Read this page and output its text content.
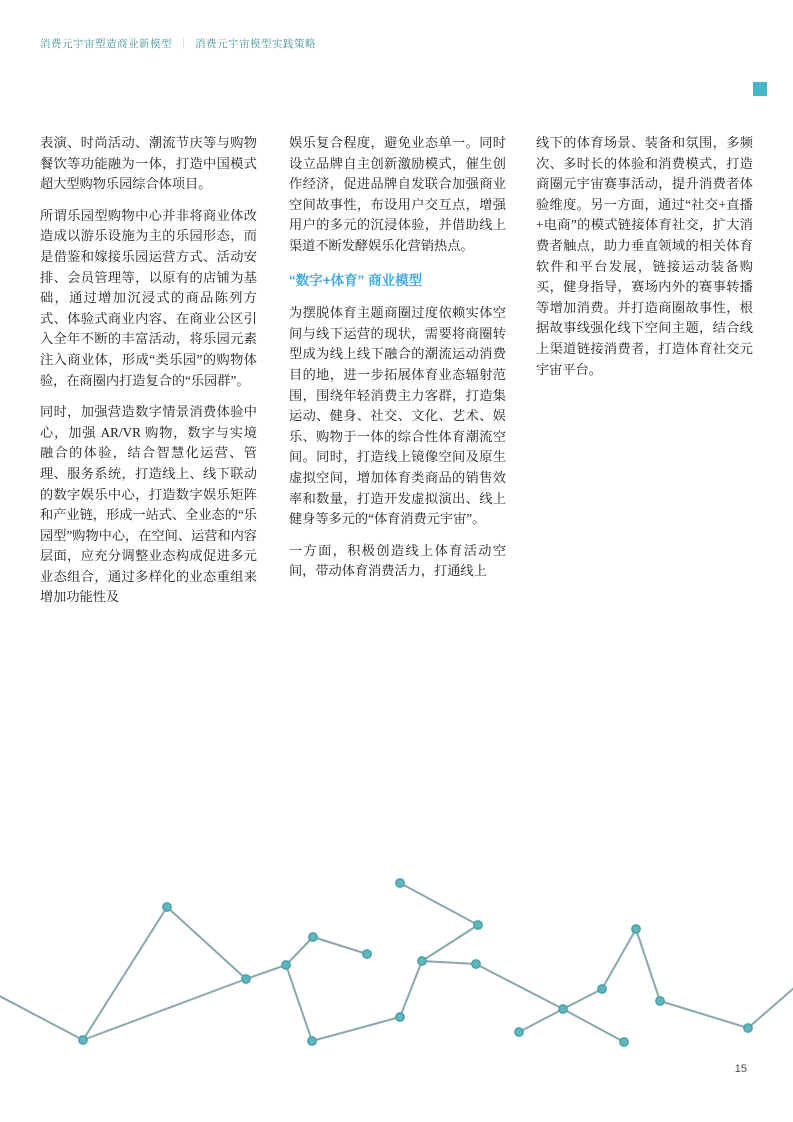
消费元宇宙塑造商业新模型 ｜ 消费元宇宙模型实践策略

表演、时尚活动、潮流节庆等与购物餐饮等功能融为一体，打造中国模式超大型购物乐园综合体项目。

所谓乐园型购物中心并非将商业体改造成以游乐设施为主的乐园形态，而是借鉴和嫁接乐园运营方式、活动安排、会员管理等，以原有的店铺为基础，通过增加沉浸式的商品陈列方式、体验式商业内容、在商业公区引入全年不断的丰富活动，将乐园元素注入商业体，形成“类乐园”的购物体验，在商圈内打造复合的“乐园群”。

同时，加强营造数字情景消费体验中心，加强 AR/VR 购物，数字与实境融合的体验，结合智慧化运营、管理、服务系统，打造线上、线下联动的数字娱乐中心，打造数字娱乐矩阵和产业链，形成一站式、全业态的“乐园型”购物中心，在空间、运营和内容层面，应充分调整业态构成促进多元业态组合，通过多样化的业态重组来增加功能性及

娱乐复合程度，避免业态单一。同时设立品牌自主创新激励模式，催生创作经济，促进品牌自发联合加强商业空间故事性，布设用户交互点，增强用户的多元的沉浸体验，并借助线上渠道不断发酵娱乐化营销热点。

“数字+体育” 商业模型

为摆脱体育主题商圈过度依赖实体空间与线下运营的现状，需要将商圈转型成为线上线下融合的潮流运动消费目的地，进一步拓展体育业态辐射范围，围绕年轻消费主力客群，打造集运动、健身、社交、文化、艺术、娱乐、购物于一体的综合性体育潮流空间。同时，打造线上镜像空间及原生虚拟空间，增加体育类商品的销售效率和数量，打造开发虚拟演出、线上健身等多元的“体育消费元宇宙”。

一方面，积极创造线上体育活动空间，带动体育消费活力，打通线上

线下的体育场景、装备和氛围，多频次、多时长的体验和消费模式，打造商圈元宇宙赛事活动，提升消费者体验维度。另一方面，通过“社交+直播+电商”的模式链接体育社交，扩大消费者触点，助力垂直领域的相关体育软件和平台发展，链接运动装备购买，健身指导，赛场内外的赛事转播等增加消费。并打造商圈故事性，根据故事线强化线下空间主题，结合线上渠道链接消费者，打造体育社交元宇宙平台。

15
